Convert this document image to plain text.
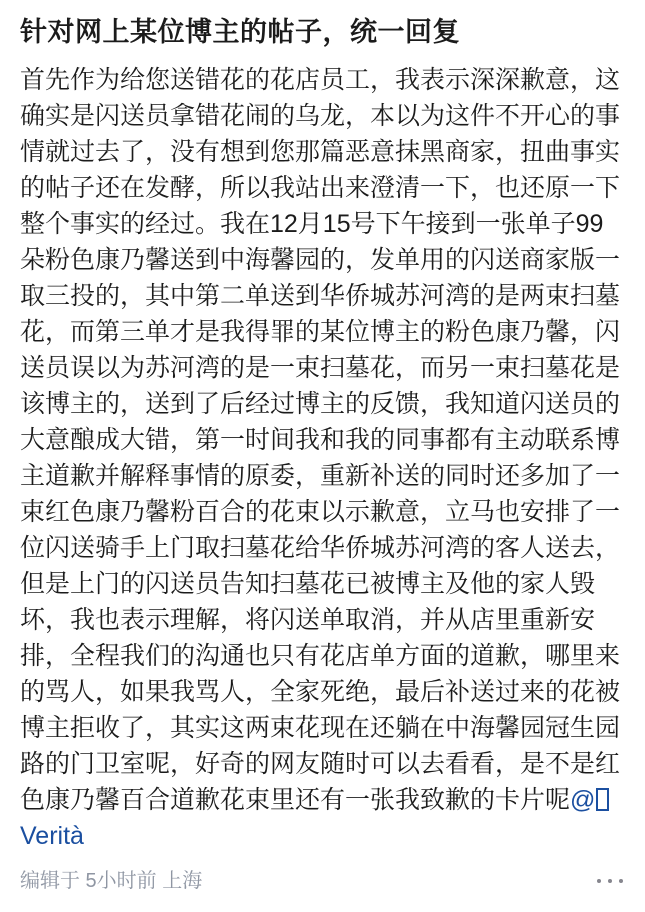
针对网上某位博主的帖子，统一回复

首先作为给您送错花的花店员工，我表示深深歉意，这确实是闪送员拿错花闹的乌龙，本以为这件不开心的事情就过去了，没有想到您那篇恶意抹黑商家，扭曲事实的帖子还在发酵，所以我站出来澄清一下，也还原一下整个事实的经过。我在12月15号下午接到一张单子99朵粉色康乃馨送到中海馨园的，发单用的闪送商家版一取三投的，其中第二单送到华侨城苏河湾的是两束扫墓花，而第三单才是我得罪的某位博主的粉色康乃馨，闪送员误以为苏河湾的是一束扫墓花，而另一束扫墓花是该博主的，送到了后经过博主的反馈，我知道闪送员的大意酿成大错，第一时间我和我的同事都有主动联系博主道歉并解释事情的原委，重新补送的同时还多加了一束红色康乃馨粉百合的花束以示歉意，立马也安排了一位闪送骑手上门取扫墓花给华侨城苏河湾的客人送去，但是上门的闪送员告知扫墓花已被博主及他的家人毁坏，我也表示理解，将闪送单取消，并从店里重新安排，全程我们的沟通也只有花店单方面的道歉，哪里来的骂人，如果我骂人，全家死绝，最后补送过来的花被博主拒收了，其实这两束花现在还躺在中海馨园冠生园路的门卫室呢，好奇的网友随时可以去看看，是不是红色康乃馨百合道歉花束里还有一张我致歉的卡片呢@Verità

编辑于 5小时前 上海
